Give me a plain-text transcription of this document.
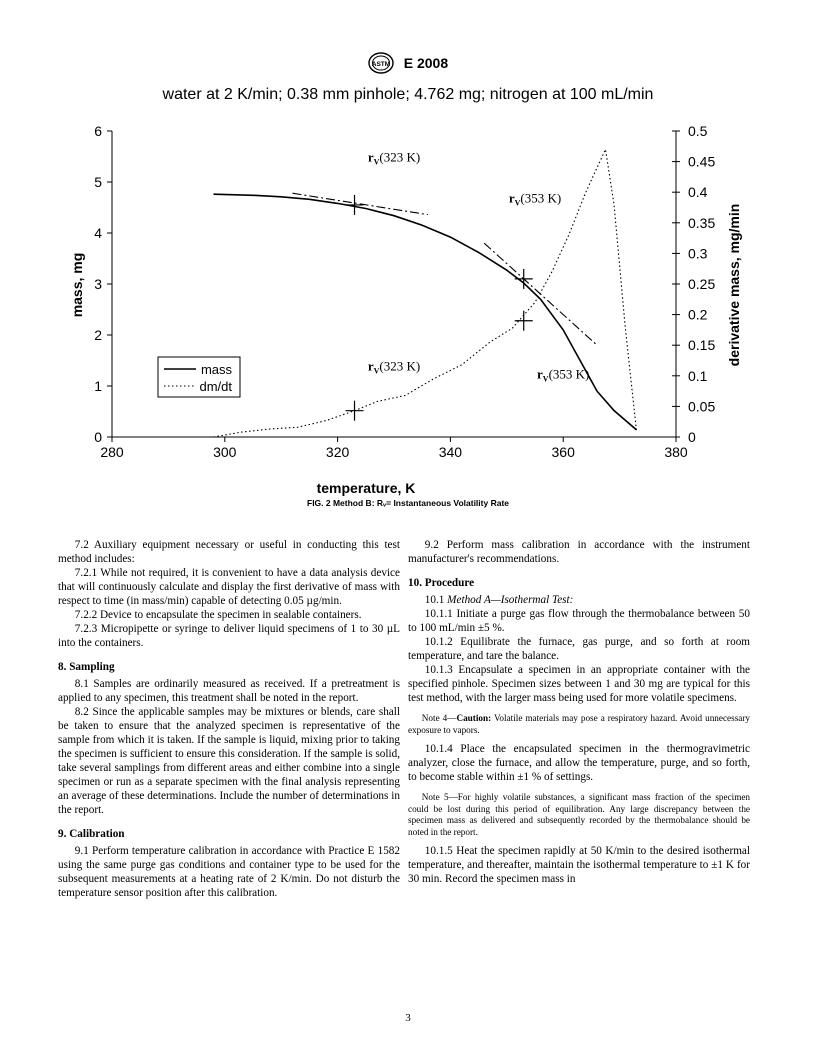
ASTM E 2008
water at 2 K/min; 0.38 mm pinhole; 4.762 mg; nitrogen at 100 mL/min
280	300	320	340	360	380
0
1
2
3
4
5
6
0
0.05
0.1
0.15
0.2
0.25
0.3
0.35
0.4
0.45
0.5
$r_V(323$ K)
$r_V(353$ K)
$r_V(323$ K)
$r_V(353$ K)
mass
dm/dt
temperature, K
mass, mg	derivative mass, mg/min
FIG. 2 Method B: Rᵥ= Instantaneous Volatility Rate

7.2 Auxiliary equipment necessary or useful in conducting this test method includes:

7.2.1 While not required, it is convenient to have a data analysis device that will continuously calculate and display the first derivative of mass with respect to time (in mass/min) capable of detecting 0.05 µg/min.

7.2.2 Device to encapsulate the specimen in sealable containers.

7.2.3 Micropipette or syringe to deliver liquid specimens of 1 to 30 µL into the containers.

8. Sampling

8.1 Samples are ordinarily measured as received. If a pretreatment is applied to any specimen, this treatment shall be noted in the report.

8.2 Since the applicable samples may be mixtures or blends, care shall be taken to ensure that the analyzed specimen is representative of the sample from which it is taken. If the sample is liquid, mixing prior to taking the specimen is sufficient to ensure this consideration. If the sample is solid, take several samplings from different areas and either combine into a single specimen or run as a separate specimen with the final analysis representing an average of these determinations. Include the number of determinations in the report.

9. Calibration

9.1 Perform temperature calibration in accordance with Practice E 1582 using the same purge gas conditions and container type to be used for the subsequent measurements at a heating rate of 2 K/min. Do not disturb the temperature sensor position after this calibration.

9.2 Perform mass calibration in accordance with the instrument manufacturer's recommendations.

10. Procedure

10.1 Method A—Isothermal Test:

10.1.1 Initiate a purge gas flow through the thermobalance between 50 to 100 mL/min ±5 %.

10.1.2 Equilibrate the furnace, gas purge, and so forth at room temperature, and tare the balance.

10.1.3 Encapsulate a specimen in an appropriate container with the specified pinhole. Specimen sizes between 1 and 30 mg are typical for this test method, with the larger mass being used for more volatile specimens.

Note 4—Caution: Volatile materials may pose a respiratory hazard. Avoid unnecessary exposure to vapors.

10.1.4 Place the encapsulated specimen in the thermogravimetric analyzer, close the furnace, and allow the temperature, purge, and so forth, to become stable within ±1 % of settings.

Note 5—For highly volatile substances, a significant mass fraction of the specimen could be lost during this period of equilibration. Any large discrepancy between the specimen mass as delivered and subsequently recorded by the thermobalance should be noted in the report.

10.1.5 Heat the specimen rapidly at 50 K/min to the desired isothermal temperature, and thereafter, maintain the isothermal temperature to ±1 K for 30 min. Record the specimen mass in

3
